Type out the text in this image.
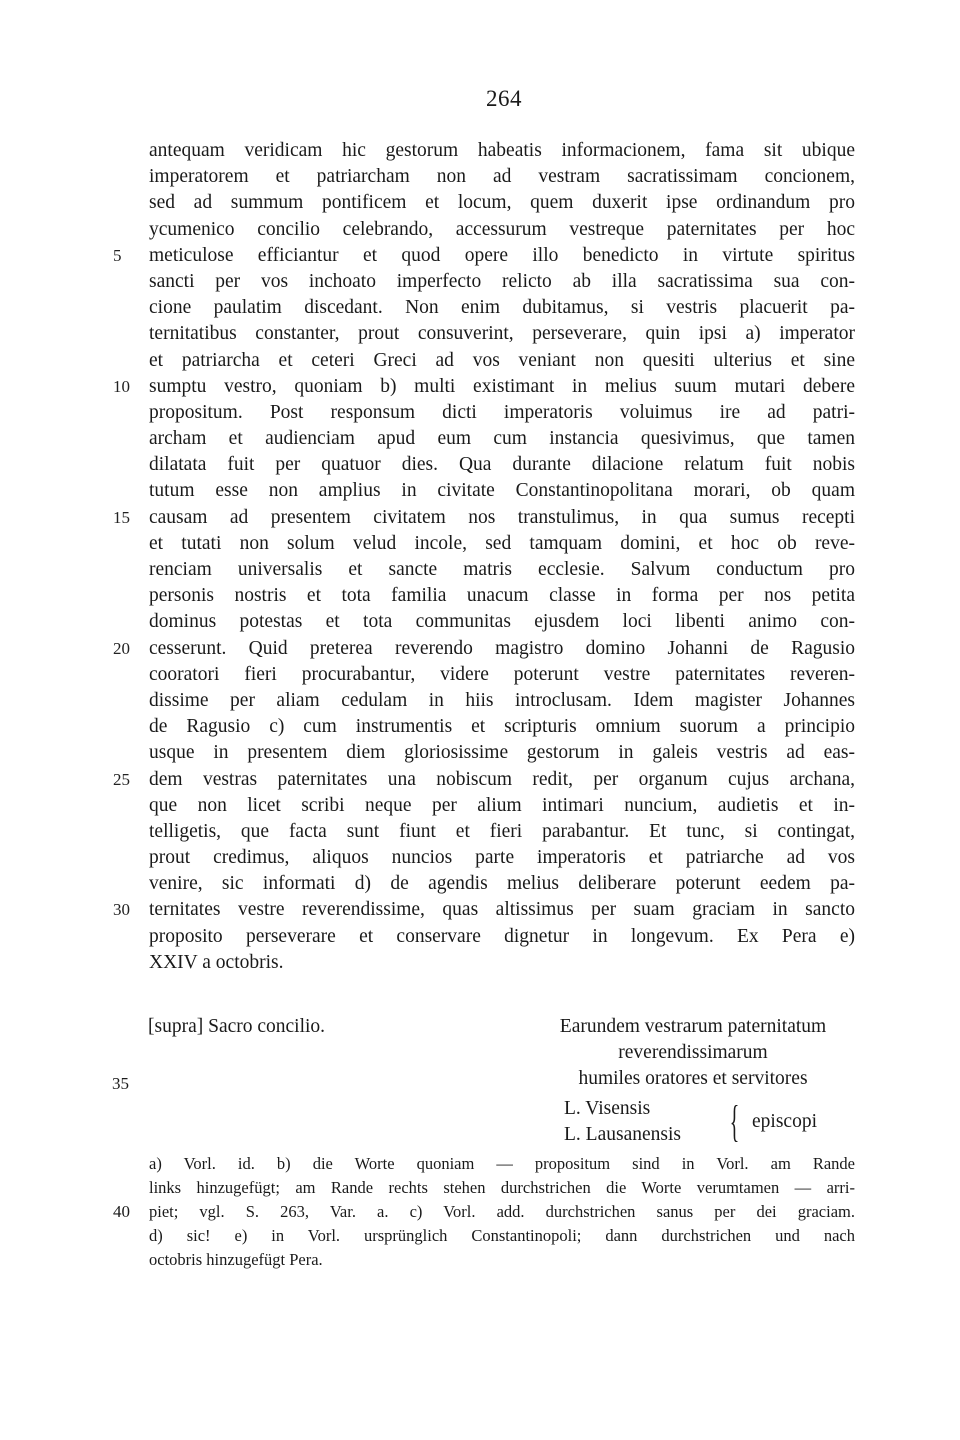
264
antequam veridicam hic gestorum habeatis informacionem, fama sit ubique
imperatorem et patriarcham non ad vestram sacratissimam concionem,
sed ad summum pontificem et locum, quem duxerit ipse ordinandum pro
ycumenico concilio celebrando, accessurum vestreque paternitates per hoc
5 meticulose efficiantur et quod opere illo benedicto in virtute spiritus
sancti per vos inchoato imperfecto relicto ab illa sacratissima sua con-
cione paulatim discedant. Non enim dubitamus, si vestris placuerit pa-
ternitatibus constanter, prout consuverint, perseverare, quin ipsi a) imperator
et patriarcha et ceteri Greci ad vos veniant non quesiti ulterius et sine
10 sumptu vestro, quoniam b) multi existimant in melius suum mutari debere
propositum. Post responsum dicti imperatoris voluimus ire ad patri-
archam et audienciam apud eum cum instancia quesivimus, que tamen
dilatata fuit per quatuor dies. Qua durante dilacione relatum fuit nobis
tutum esse non amplius in civitate Constantinopolitana morari, ob quam
15 causam ad presentem civitatem nos transtulimus, in qua sumus recepti
et tutati non solum velud incole, sed tamquam domini, et hoc ob reve-
renciam universalis et sancte matris ecclesie. Salvum conductum pro
personis nostris et tota familia unacum classe in forma per nos petita
dominus potestas et tota communitas ejusdem loci libenti animo con-
20 cesserunt. Quid preterea reverendo magistro domino Johanni de Ragusio
cooratori fieri procurabantur, videre poterunt vestre paternitates reveren-
dissime per aliam cedulam in hiis introclusam. Idem magister Johannes
de Ragusio c) cum instrumentis et scripturis omnium suorum a principio
usque in presentem diem gloriosissime gestorum in galeis vestris ad eas-
25 dem vestras paternitates una nobiscum redit, per organum cujus archana,
que non licet scribi neque per alium intimari nuncium, audietis et in-
telligetis, que facta sunt fiunt et fieri parabantur. Et tunc, si contingat,
prout credimus, aliquos nuncios parte imperatoris et patriarche ad vos
venire, sic informati d) de agendis melius deliberare poterunt eedem pa-
30 ternitates vestre reverendissime, quas altissimus per suam graciam in sancto
proposito perseverare et conservare dignetur in longevum. Ex Pera e)
XXIV a octobris.
35
[supra] Sacro concilio.	Earundem vestrarum paternitatum
reverendissimarum
humiles oratores et servitores
L. Visensis
L. Lausanensis { episcopi
a) Vorl. id. b) die Worte quoniam — propositum sind in Vorl. am Rande
links hinzugefügt; am Rande rechts stehen durchstrichen die Worte verumtamen — arri-
40 piet; vgl. S. 263, Var. a. c) Vorl. add. durchstrichen sanus per dei graciam.
d) sic! e) in Vorl. ursprünglich Constantinopoli; dann durchstrichen und nach
octobris hinzugefügt Pera.
